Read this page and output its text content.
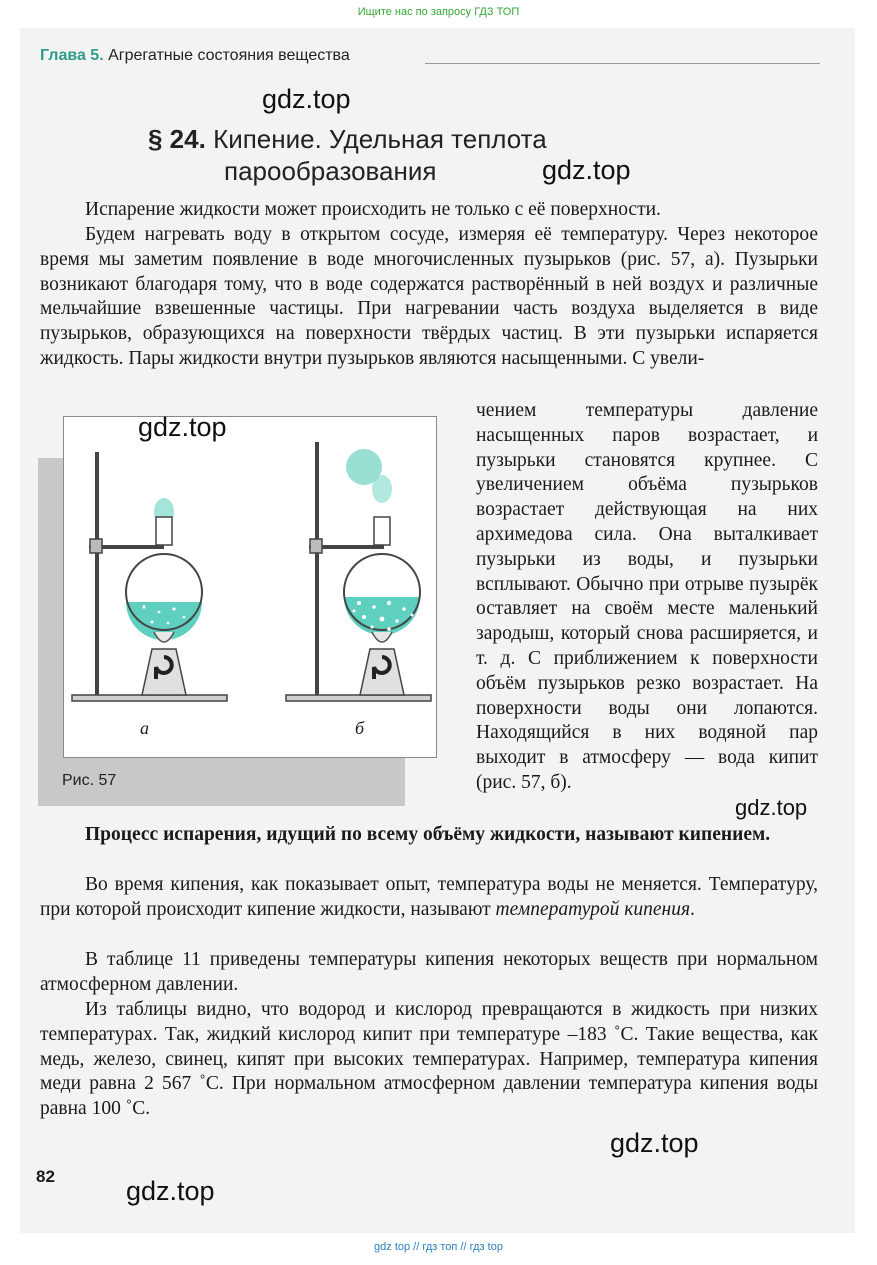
Ищите нас по запросу ГДЗ ТОП
Глава 5. Агрегатные состояния вещества
gdz.top
§ 24. Кипение. Удельная теплота
парообразования	gdz.top

Испарение жидкости может происходить не только с её поверхности.

Будем нагревать воду в открытом сосуде, измеряя её температуру. Через некоторое время мы заметим появление в воде многочисленных пузырьков (рис. 57, а). Пузырьки возникают благодаря тому, что в воде содержатся растворённый в ней воздух и различные мельчайшие взвешенные частицы. При нагревании часть воздуха выделяется в виде пузырьков, образующихся на поверхности твёрдых частиц. В эти пузырьки испаряется жидкость. Пары жидкости внутри пузырьков являются насыщенными. С увели-

а	б
Рис. 57
gdz.top

чением температуры давление насыщенных паров возрастает, и пузырьки становятся крупнее. С увеличением объёма пузырьков возрастает действующая на них архимедова сила. Она выталкивает пузырьки из воды, и пузырьки всплывают. Обычно при отрыве пузырёк оставляет на своём месте маленький зародыш, который снова расширяется, и т. д. С приближением к поверхности объём пузырьков резко возрастает. На поверхности воды они лопаются. Находящийся в них водяной пар выходит в атмосферу — вода кипит (рис. 57, б).

gdz.top

Процесс испарения, идущий по всему объёму жидкости, называют кипением.

Во время кипения, как показывает опыт, температура воды не меняется. Температуру, при которой происходит кипение жидкости, называют температурой кипения.

В таблице 11 приведены температуры кипения некоторых веществ при нормальном атмосферном давлении.

Из таблицы видно, что водород и кислород превращаются в жидкость при низких температурах. Так, жидкий кислород кипит при температуре –183 ˚С. Такие вещества, как медь, железо, свинец, кипят при высоких температурах. Например, температура кипения меди равна 2 567 ˚С. При нормальном атмосферном давлении температура кипения воды равна 100 ˚С.

gdz.top
82	gdz.top
gdz top // гдз топ // гдз top
